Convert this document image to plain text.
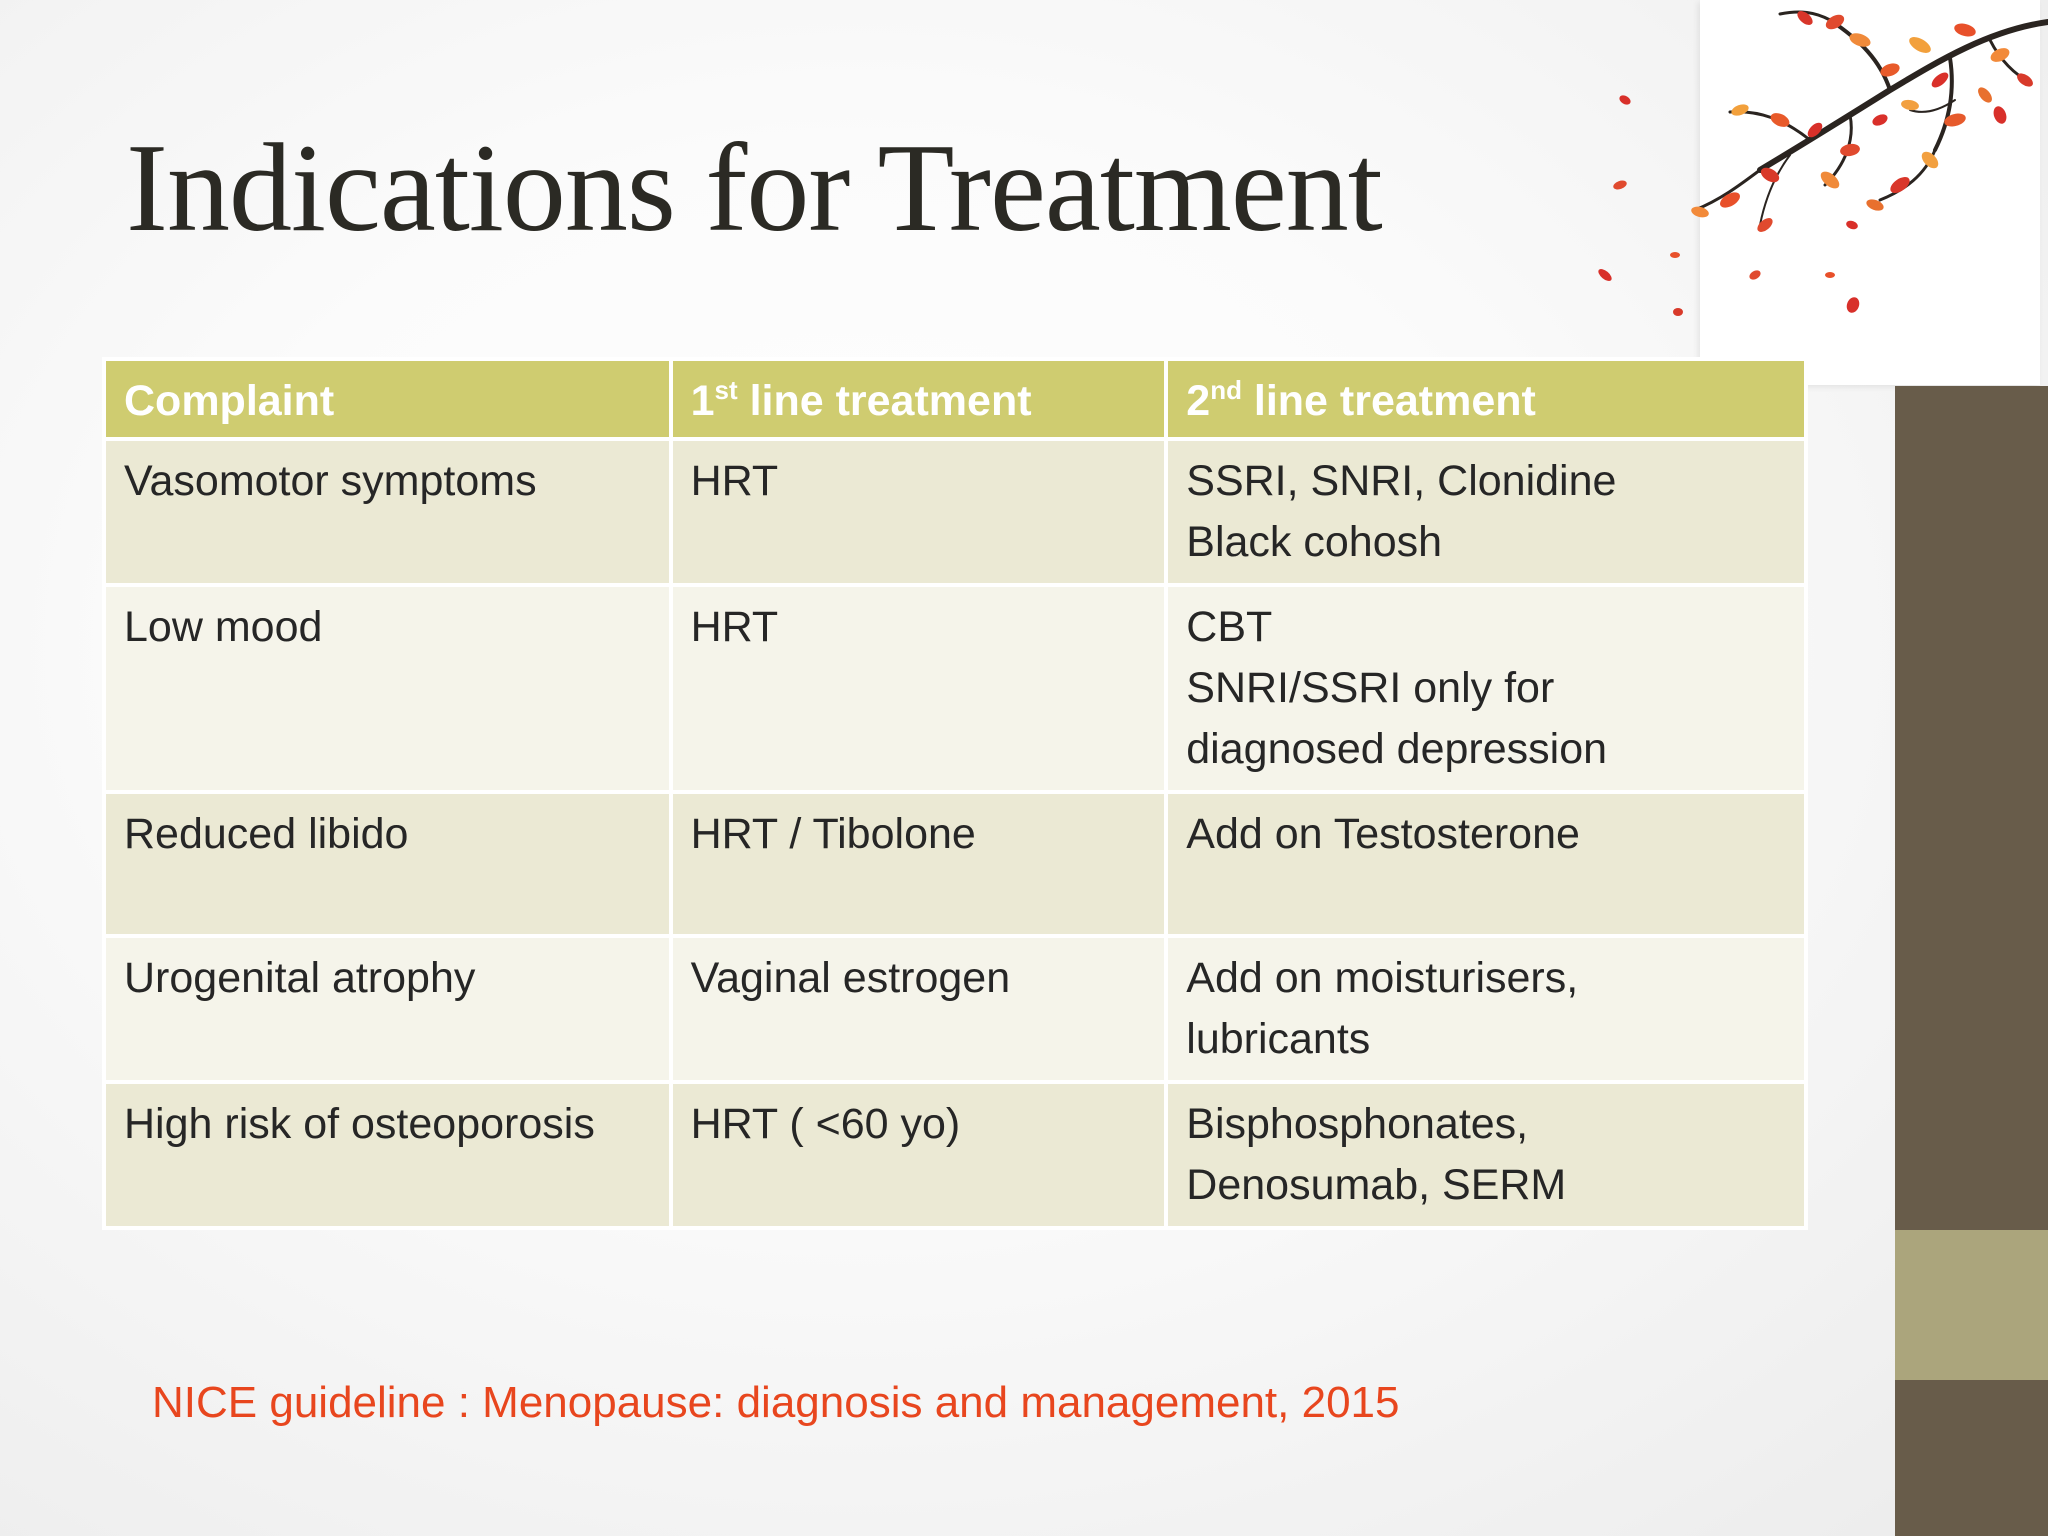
Indications for Treatment
Complaint	1st line treatment	2nd line treatment
Vasomotor symptoms	HRT	SSRI, SNRI, Clonidine
Black cohosh

Low mood	HRT	CBT
SNRI/SSRI only for
diagnosed depression

Reduced libido	HRT / Tibolone	Add on Testosterone

Urogenital atrophy	Vaginal estrogen	Add on moisturisers,
lubricants

High risk of osteoporosis	HRT ( <60 yo)	Bisphosphonates,
Denosumab, SERM
NICE guideline : Menopause: diagnosis and management, 2015
